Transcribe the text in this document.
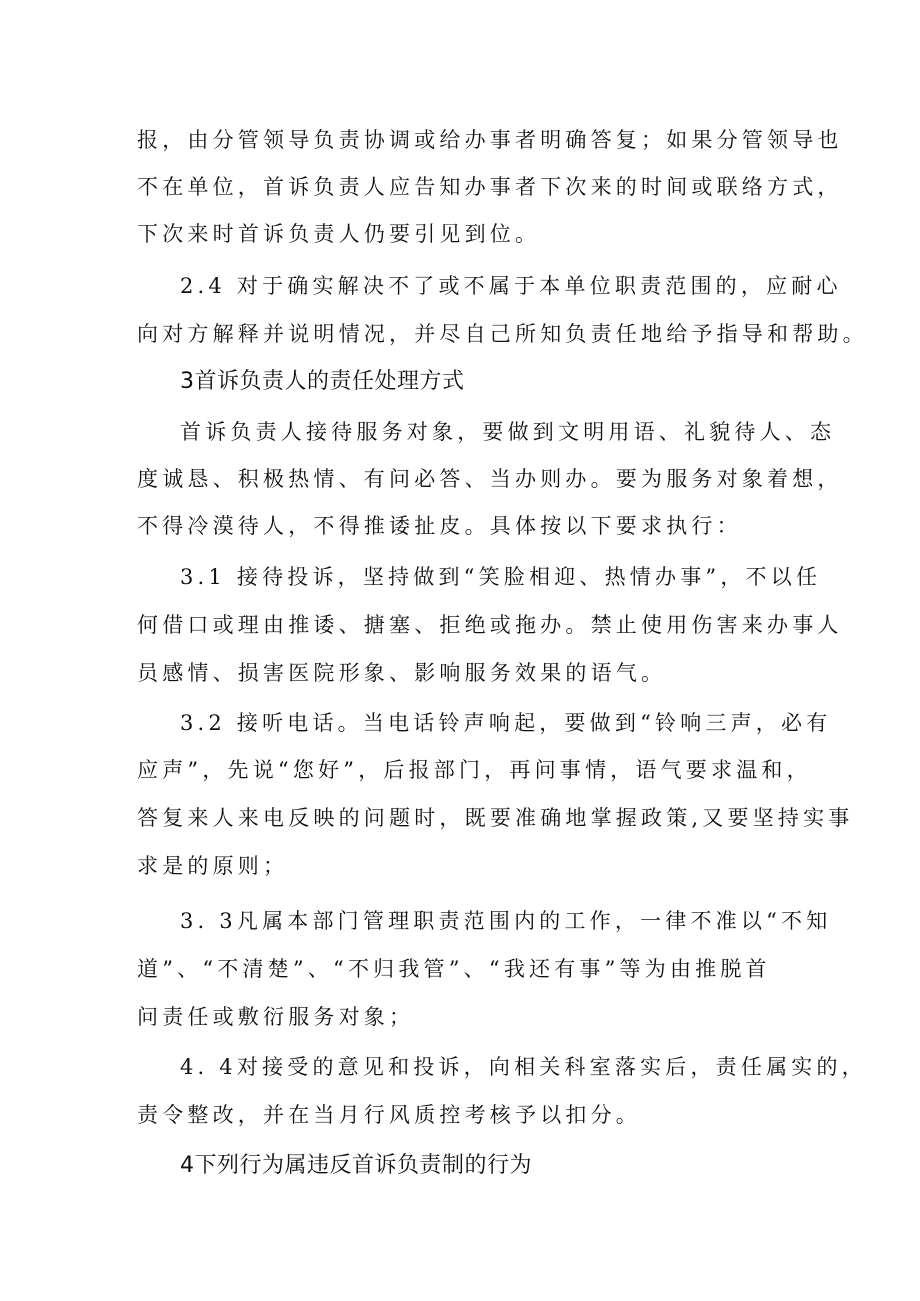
报，由分管领导负责协调或给办事者明确答复；如果分管领导也
不在单位，首诉负责人应告知办事者下次来的时间或联络方式，
下次来时首诉负责人仍要引见到位。
2.4 对于确实解决不了或不属于本单位职责范围的，应耐心
向对方解释并说明情况，并尽自己所知负责任地给予指导和帮助。
3首诉负责人的责任处理方式
首诉负责人接待服务对象，要做到文明用语、礼貌待人、态
度诚恳、积极热情、有问必答、当办则办。要为服务对象着想，
不得冷漠待人，不得推诿扯皮。具体按以下要求执行：
3.1 接待投诉，坚持做到“笑脸相迎、热情办事”，不以任
何借口或理由推诿、搪塞、拒绝或拖办。禁止使用伤害来办事人
员感情、损害医院形象、影响服务效果的语气。
3.2 接听电话。当电话铃声响起，要做到“铃响三声，必有
应声”，先说“您好”，后报部门，再问事情，语气要求温和，
答复来人来电反映的问题时，既要准确地掌握政策,又要坚持实事
求是的原则；
3. 3凡属本部门管理职责范围内的工作，一律不准以“不知
道”、“不清楚”、“不归我管”、“我还有事”等为由推脱首
问责任或敷衍服务对象；
4. 4对接受的意见和投诉，向相关科室落实后，责任属实的，
责令整改，并在当月行风质控考核予以扣分。
4下列行为属违反首诉负责制的行为
